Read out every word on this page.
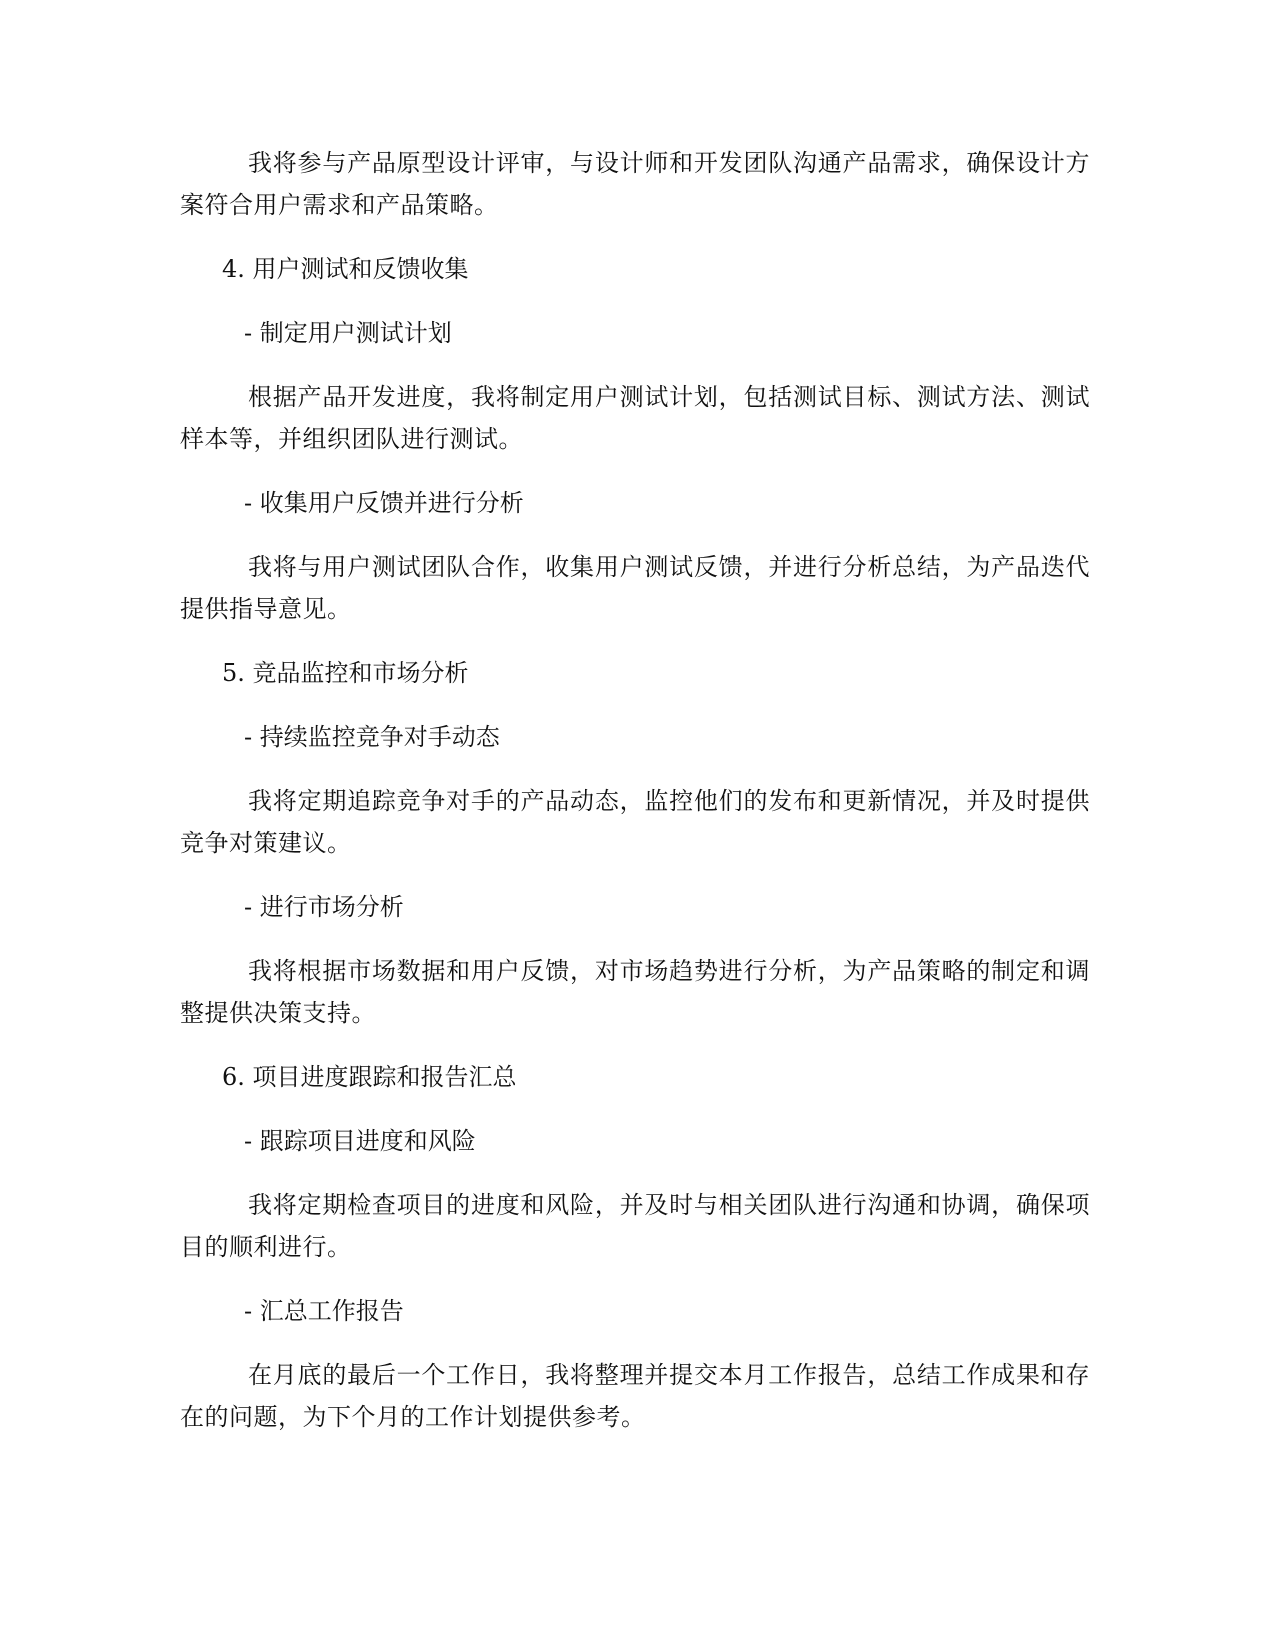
我将参与产品原型设计评审，与设计师和开发团队沟通产品需求，确保设计方案符合用户需求和产品策略。

4. 用户测试和反馈收集

- 制定用户测试计划

根据产品开发进度，我将制定用户测试计划，包括测试目标、测试方法、测试样本等，并组织团队进行测试。

- 收集用户反馈并进行分析

我将与用户测试团队合作，收集用户测试反馈，并进行分析总结，为产品迭代提供指导意见。

5. 竞品监控和市场分析

- 持续监控竞争对手动态

我将定期追踪竞争对手的产品动态，监控他们的发布和更新情况，并及时提供竞争对策建议。

- 进行市场分析

我将根据市场数据和用户反馈，对市场趋势进行分析，为产品策略的制定和调整提供决策支持。

6. 项目进度跟踪和报告汇总

- 跟踪项目进度和风险

我将定期检查项目的进度和风险，并及时与相关团队进行沟通和协调，确保项目的顺利进行。

- 汇总工作报告

在月底的最后一个工作日，我将整理并提交本月工作报告，总结工作成果和存在的问题，为下个月的工作计划提供参考。
